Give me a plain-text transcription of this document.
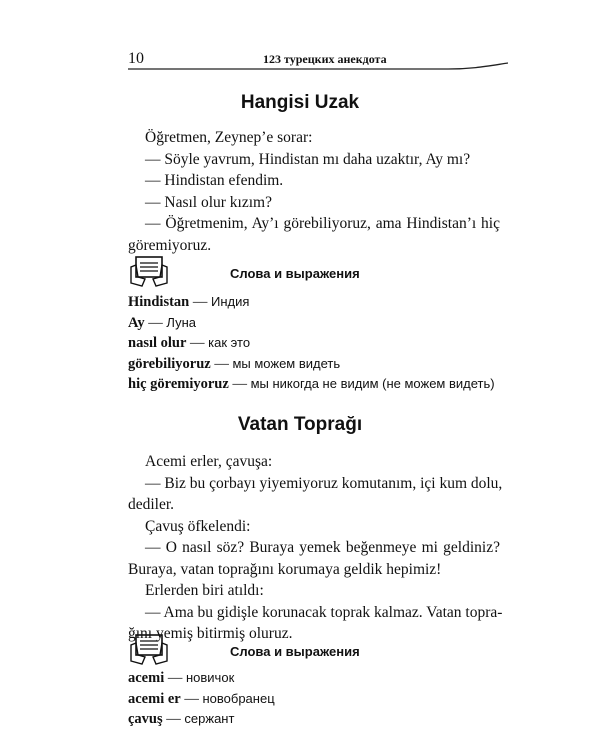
10	123 турецких анекдота
Hangisi Uzak
Öğretmen, Zeynep’e sorar:
— Söyle yavrum, Hindistan mı daha uzaktır, Ay mı?
— Hindistan efendim.
— Nasıl olur kızım?
— Öğretmenim, Ay’ı görebiliyoruz, ama Hindistan’ı hiç
göremiyoruz.
Слова и выражения
Hindistan — Индия
Ay — Луна
nasıl olur — как это
görebiliyoruz — мы можем видеть
hiç göremiyoruz — мы никогда не видим (не можем видеть)
Vatan Toprağı
Acemi erler, çavuşa:
— Biz bu çorbayı yiyemiyoruz komutanım, içi kum dolu,
dediler.
Çavuş öfkelendi:
— O nasıl söz? Buraya yemek beğenmeye mi geldiniz?
Buraya, vatan toprağını korumaya geldik hepimiz!
Erlerden biri atıldı:
— Ama bu gidişle korunacak toprak kalmaz. Vatan topra-
ğını yemiş bitirmiş oluruz.
Слова и выражения
acemi — новичок
acemi er — новобранец
çavuş — сержант
